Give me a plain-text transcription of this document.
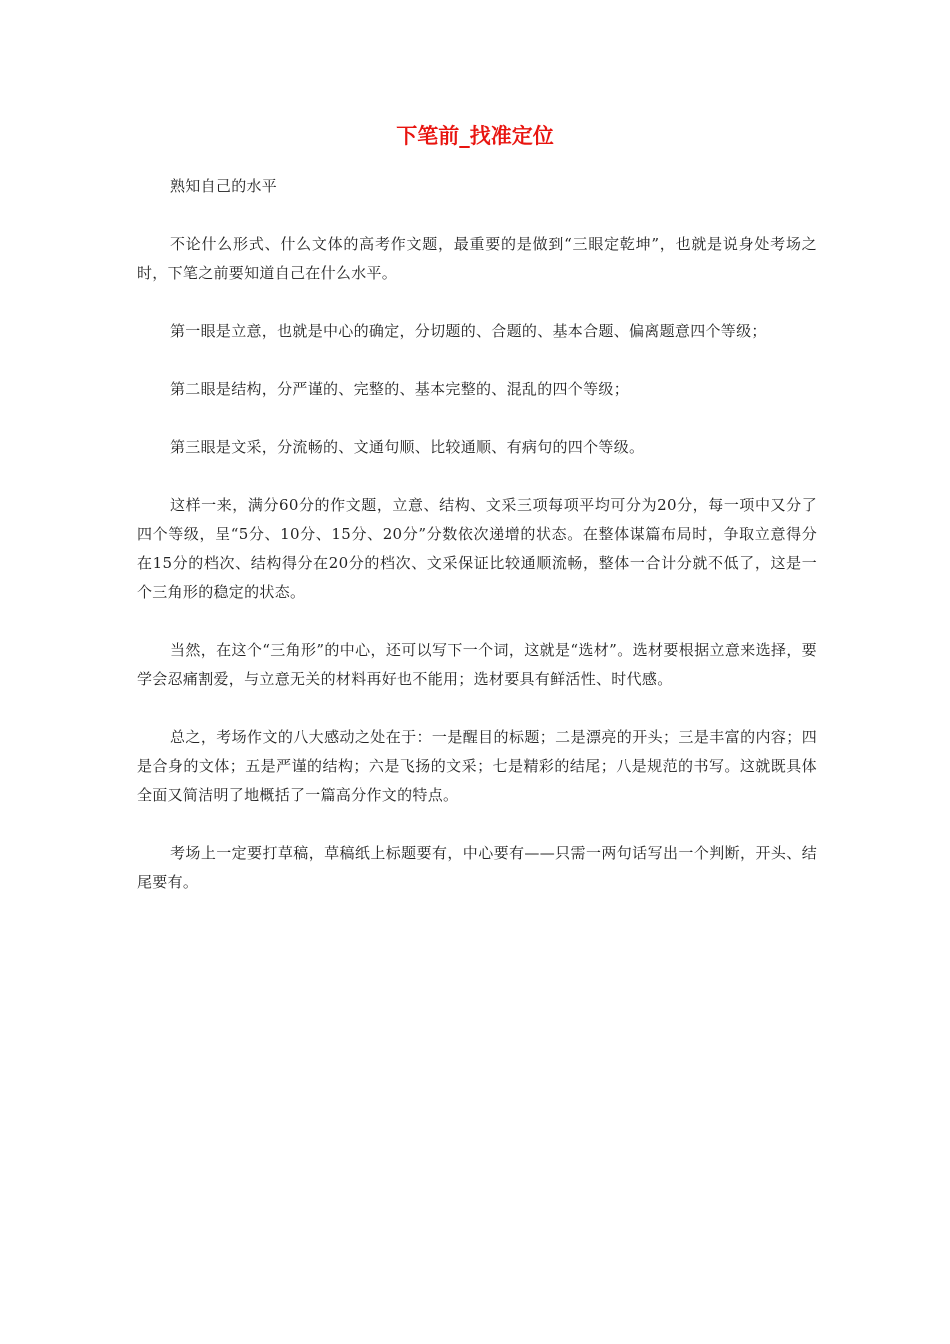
下笔前_找准定位

熟知自己的水平

不论什么形式、什么文体的高考作文题，最重要的是做到“三眼定乾坤”，也就是说身处考场之时，下笔之前要知道自己在什么水平。

第一眼是立意，也就是中心的确定，分切题的、合题的、基本合题、偏离题意四个等级；

第二眼是结构，分严谨的、完整的、基本完整的、混乱的四个等级；

第三眼是文采，分流畅的、文通句顺、比较通顺、有病句的四个等级。

这样一来，满分60分的作文题，立意、结构、文采三项每项平均可分为20分，每一项中又分了四个等级，呈“5分、10分、15分、20分”分数依次递增的状态。在整体谋篇布局时，争取立意得分在15分的档次、结构得分在20分的档次、文采保证比较通顺流畅，整体一合计分就不低了，这是一个三角形的稳定的状态。

当然，在这个“三角形”的中心，还可以写下一个词，这就是“选材”。选材要根据立意来选择，要学会忍痛割爱，与立意无关的材料再好也不能用；选材要具有鲜活性、时代感。

总之，考场作文的八大感动之处在于：一是醒目的标题；二是漂亮的开头；三是丰富的内容；四是合身的文体；五是严谨的结构；六是飞扬的文采；七是精彩的结尾；八是规范的书写。这就既具体全面又简洁明了地概括了一篇高分作文的特点。

考场上一定要打草稿，草稿纸上标题要有，中心要有——只需一两句话写出一个判断，开头、结尾要有。
